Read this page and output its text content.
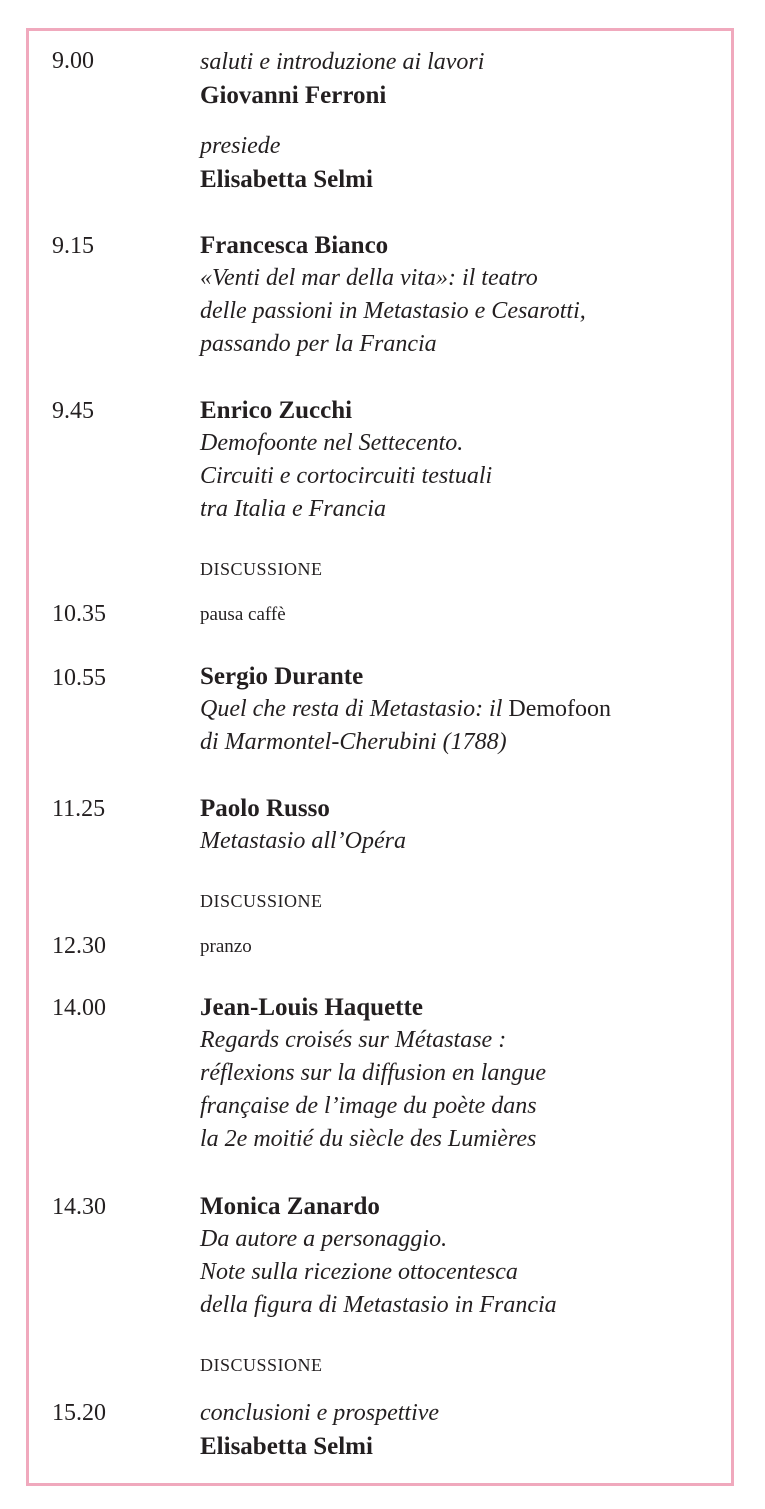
9.00	saluti e introduzione ai lavori
Giovanni Ferroni
presiede
Elisabetta Selmi
9.15	Francesca Bianco
«Venti del mar della vita»: il teatro
delle passioni in Metastasio e Cesarotti,
passando per la Francia
9.45	Enrico Zucchi
Demofoonte nel Settecento.
Circuiti e cortocircuiti testuali
tra Italia e Francia
DISCUSSIONE
10.35	pausa caffè
10.55	Sergio Durante
Quel che resta di Metastasio: il Demofoon
di Marmontel-Cherubini (1788)
11.25	Paolo Russo
Metastasio all’Opéra
DISCUSSIONE
12.30	pranzo
14.00	Jean-Louis Haquette
Regards croisés sur Métastase :
réflexions sur la diffusion en langue
française de l’image du poète dans
la 2e moitié du siècle des Lumières
14.30	Monica Zanardo
Da autore a personaggio.
Note sulla ricezione ottocentesca
della figura di Metastasio in Francia
DISCUSSIONE
15.20	conclusioni e prospettive
Elisabetta Selmi
